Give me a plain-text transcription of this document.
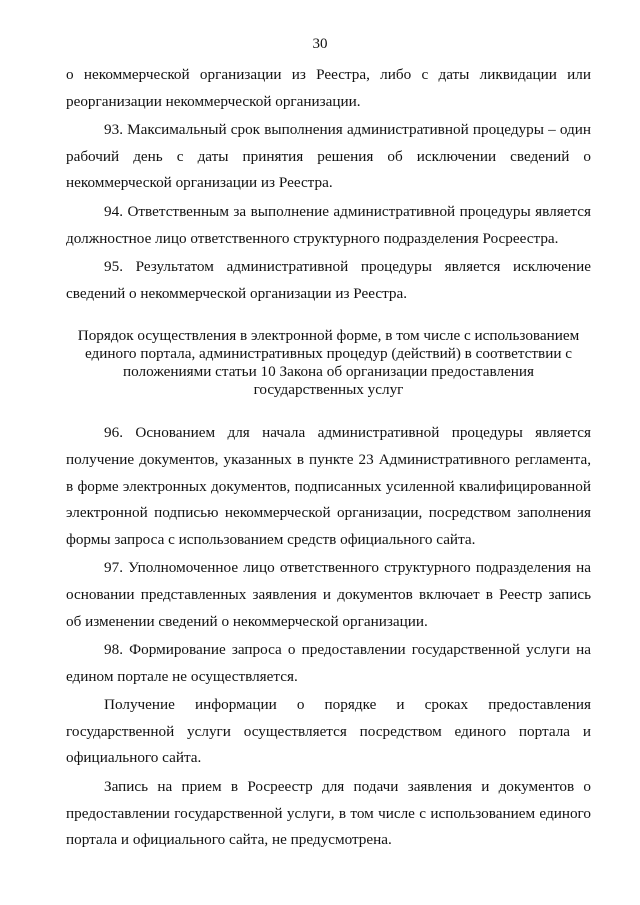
30

о некоммерческой организации из Реестра, либо с даты ликвидации или реорганизации некоммерческой организации.

93. Максимальный срок выполнения административной процедуры – один рабочий день с даты принятия решения об исключении сведений о некоммерческой организации из Реестра.

94. Ответственным за выполнение административной процедуры является должностное лицо ответственного структурного подразделения Росреестра.

95. Результатом административной процедуры является исключение сведений о некоммерческой организации из Реестра.

Порядок осуществления в электронной форме, в том числе с использованием единого портала, административных процедур (действий) в соответствии с положениями статьи 10 Закона об организации предоставления государственных услуг

96. Основанием для начала административной процедуры является получение документов, указанных в пункте 23 Административного регламента, в форме электронных документов, подписанных усиленной квалифицированной электронной подписью некоммерческой организации, посредством заполнения формы запроса с использованием средств официального сайта.

97. Уполномоченное лицо ответственного структурного подразделения на основании представленных заявления и документов включает в Реестр запись об изменении сведений о некоммерческой организации.

98. Формирование запроса о предоставлении государственной услуги на едином портале не осуществляется.

Получение информации о порядке и сроках предоставления государственной услуги осуществляется посредством единого портала и официального сайта.

Запись на прием в Росреестр для подачи заявления и документов о предоставлении государственной услуги, в том числе с использованием единого портала и официального сайта, не предусмотрена.
